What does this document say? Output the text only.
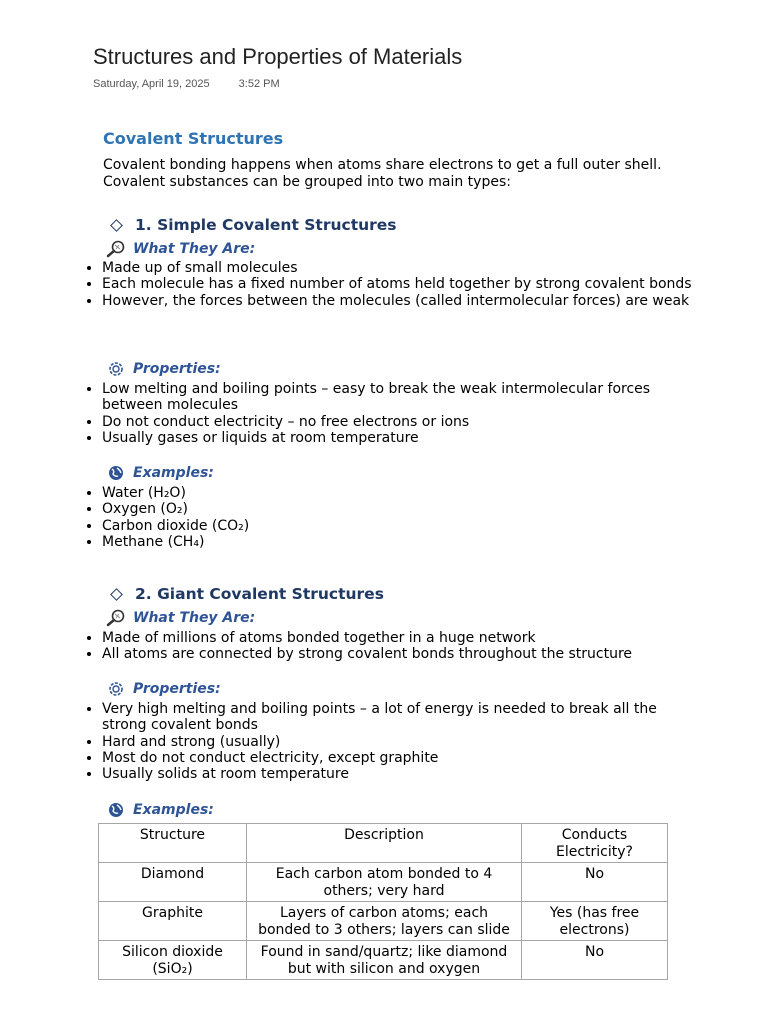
Structures and Properties of Materials
Saturday, April 19, 2025	3:52 PM
Covalent Structures

Covalent bonding happens when atoms share electrons to get a full outer shell. Covalent substances can be grouped into two main types:

1. Simple Covalent Structures
What They Are:
• Made up of small molecules
• Each molecule has a fixed number of atoms held together by strong covalent bonds
• However, the forces between the molecules (called intermolecular forces) are weak
Properties:
• Low melting and boiling points – easy to break the weak intermolecular forces between molecules
• Do not conduct electricity – no free electrons or ions
• Usually gases or liquids at room temperature
Examples:
• Water (H₂O)
• Oxygen (O₂)
• Carbon dioxide (CO₂)
• Methane (CH₄)
2. Giant Covalent Structures
What They Are:
• Made of millions of atoms bonded together in a huge network
• All atoms are connected by strong covalent bonds throughout the structure
Properties:
• Very high melting and boiling points – a lot of energy is needed to break all the strong covalent bonds
• Hard and strong (usually)
• Most do not conduct electricity, except graphite
• Usually solids at room temperature
Examples:
Structure	Description	Conducts Electricity?
Diamond	Each carbon atom bonded to 4 others; very hard	No
Graphite	Layers of carbon atoms; each bonded to 3 others; layers can slide	Yes (has free electrons)
Silicon dioxide (SiO₂)	Found in sand/quartz; like diamond but with silicon and oxygen	No
